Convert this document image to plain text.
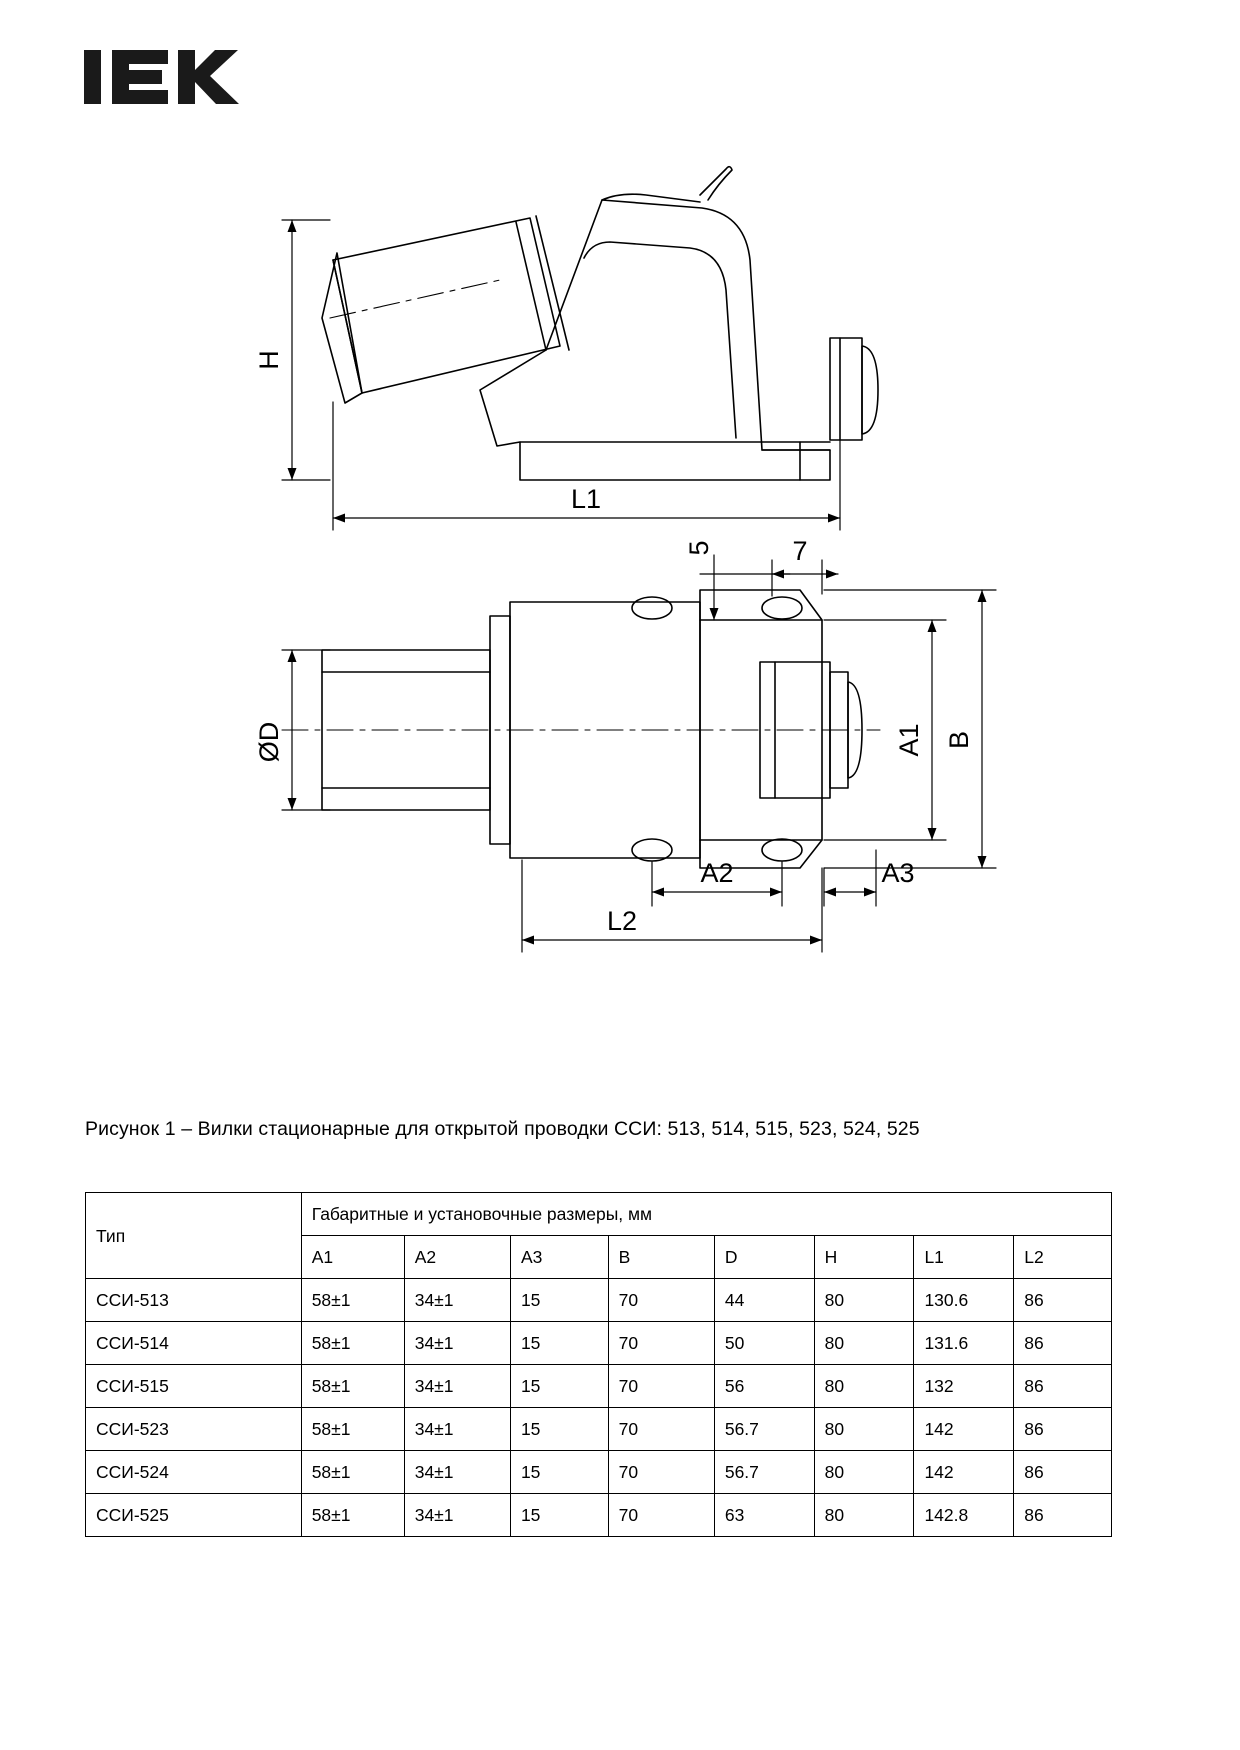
H
L1
ØD	A1 B
A2	A3
L2
5	7
Рисунок 1 – Вилки стационарные для открытой проводки ССИ: 513, 514, 515, 523, 524, 525
Тип	Габаритные и установочные размеры, мм							

	A1	A2	A3	B	D	H	L1	L2

ССИ-513	58±1	34±1	15	70	44	80	130.6	86

ССИ-514	58±1	34±1	15	70	50	80	131.6	86

ССИ-515	58±1	34±1	15	70	56	80	132	86

ССИ-523	58±1	34±1	15	70	56.7	80	142	86

ССИ-524	58±1	34±1	15	70	56.7	80	142	86

ССИ-525	58±1	34±1	15	70	63	80	142.8	86
